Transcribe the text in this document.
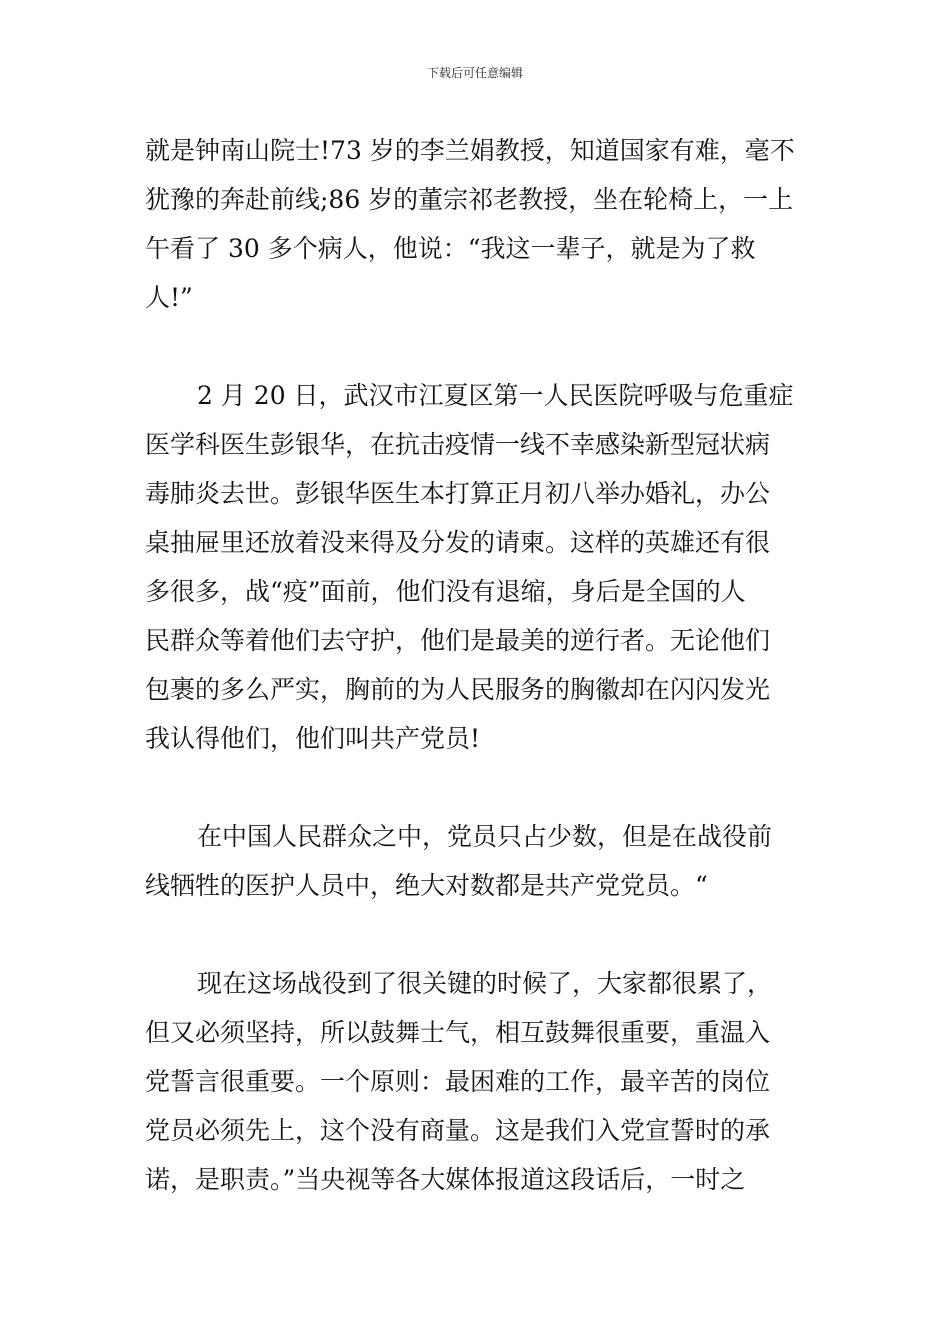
下载后可任意编辑
就是钟南山院士!73 岁的李兰娟教授，知道国家有难，毫不
犹豫的奔赴前线;86 岁的董宗祁老教授，坐在轮椅上，一上
午看了 30 多个病人，他说：“我这一辈子，就是为了救
人!”
2 月 20 日，武汉市江夏区第一人民医院呼吸与危重症
医学科医生彭银华，在抗击疫情一线不幸感染新型冠状病
毒肺炎去世。彭银华医生本打算正月初八举办婚礼，办公
桌抽屉里还放着没来得及分发的请柬。这样的英雄还有很
多很多，战“疫”面前，他们没有退缩，身后是全国的人
民群众等着他们去守护，他们是最美的逆行者。无论他们
包裹的多么严实，胸前的为人民服务的胸徽却在闪闪发光
我认得他们，他们叫共产党员!
在中国人民群众之中，党员只占少数，但是在战役前
线牺牲的医护人员中，绝大对数都是共产党党员。“
现在这场战役到了很关键的时候了，大家都很累了，
但又必须坚持，所以鼓舞士气，相互鼓舞很重要，重温入
党誓言很重要。一个原则：最困难的工作，最辛苦的岗位
党员必须先上，这个没有商量。这是我们入党宣誓时的承
诺，是职责。”当央视等各大媒体报道这段话后，一时之
